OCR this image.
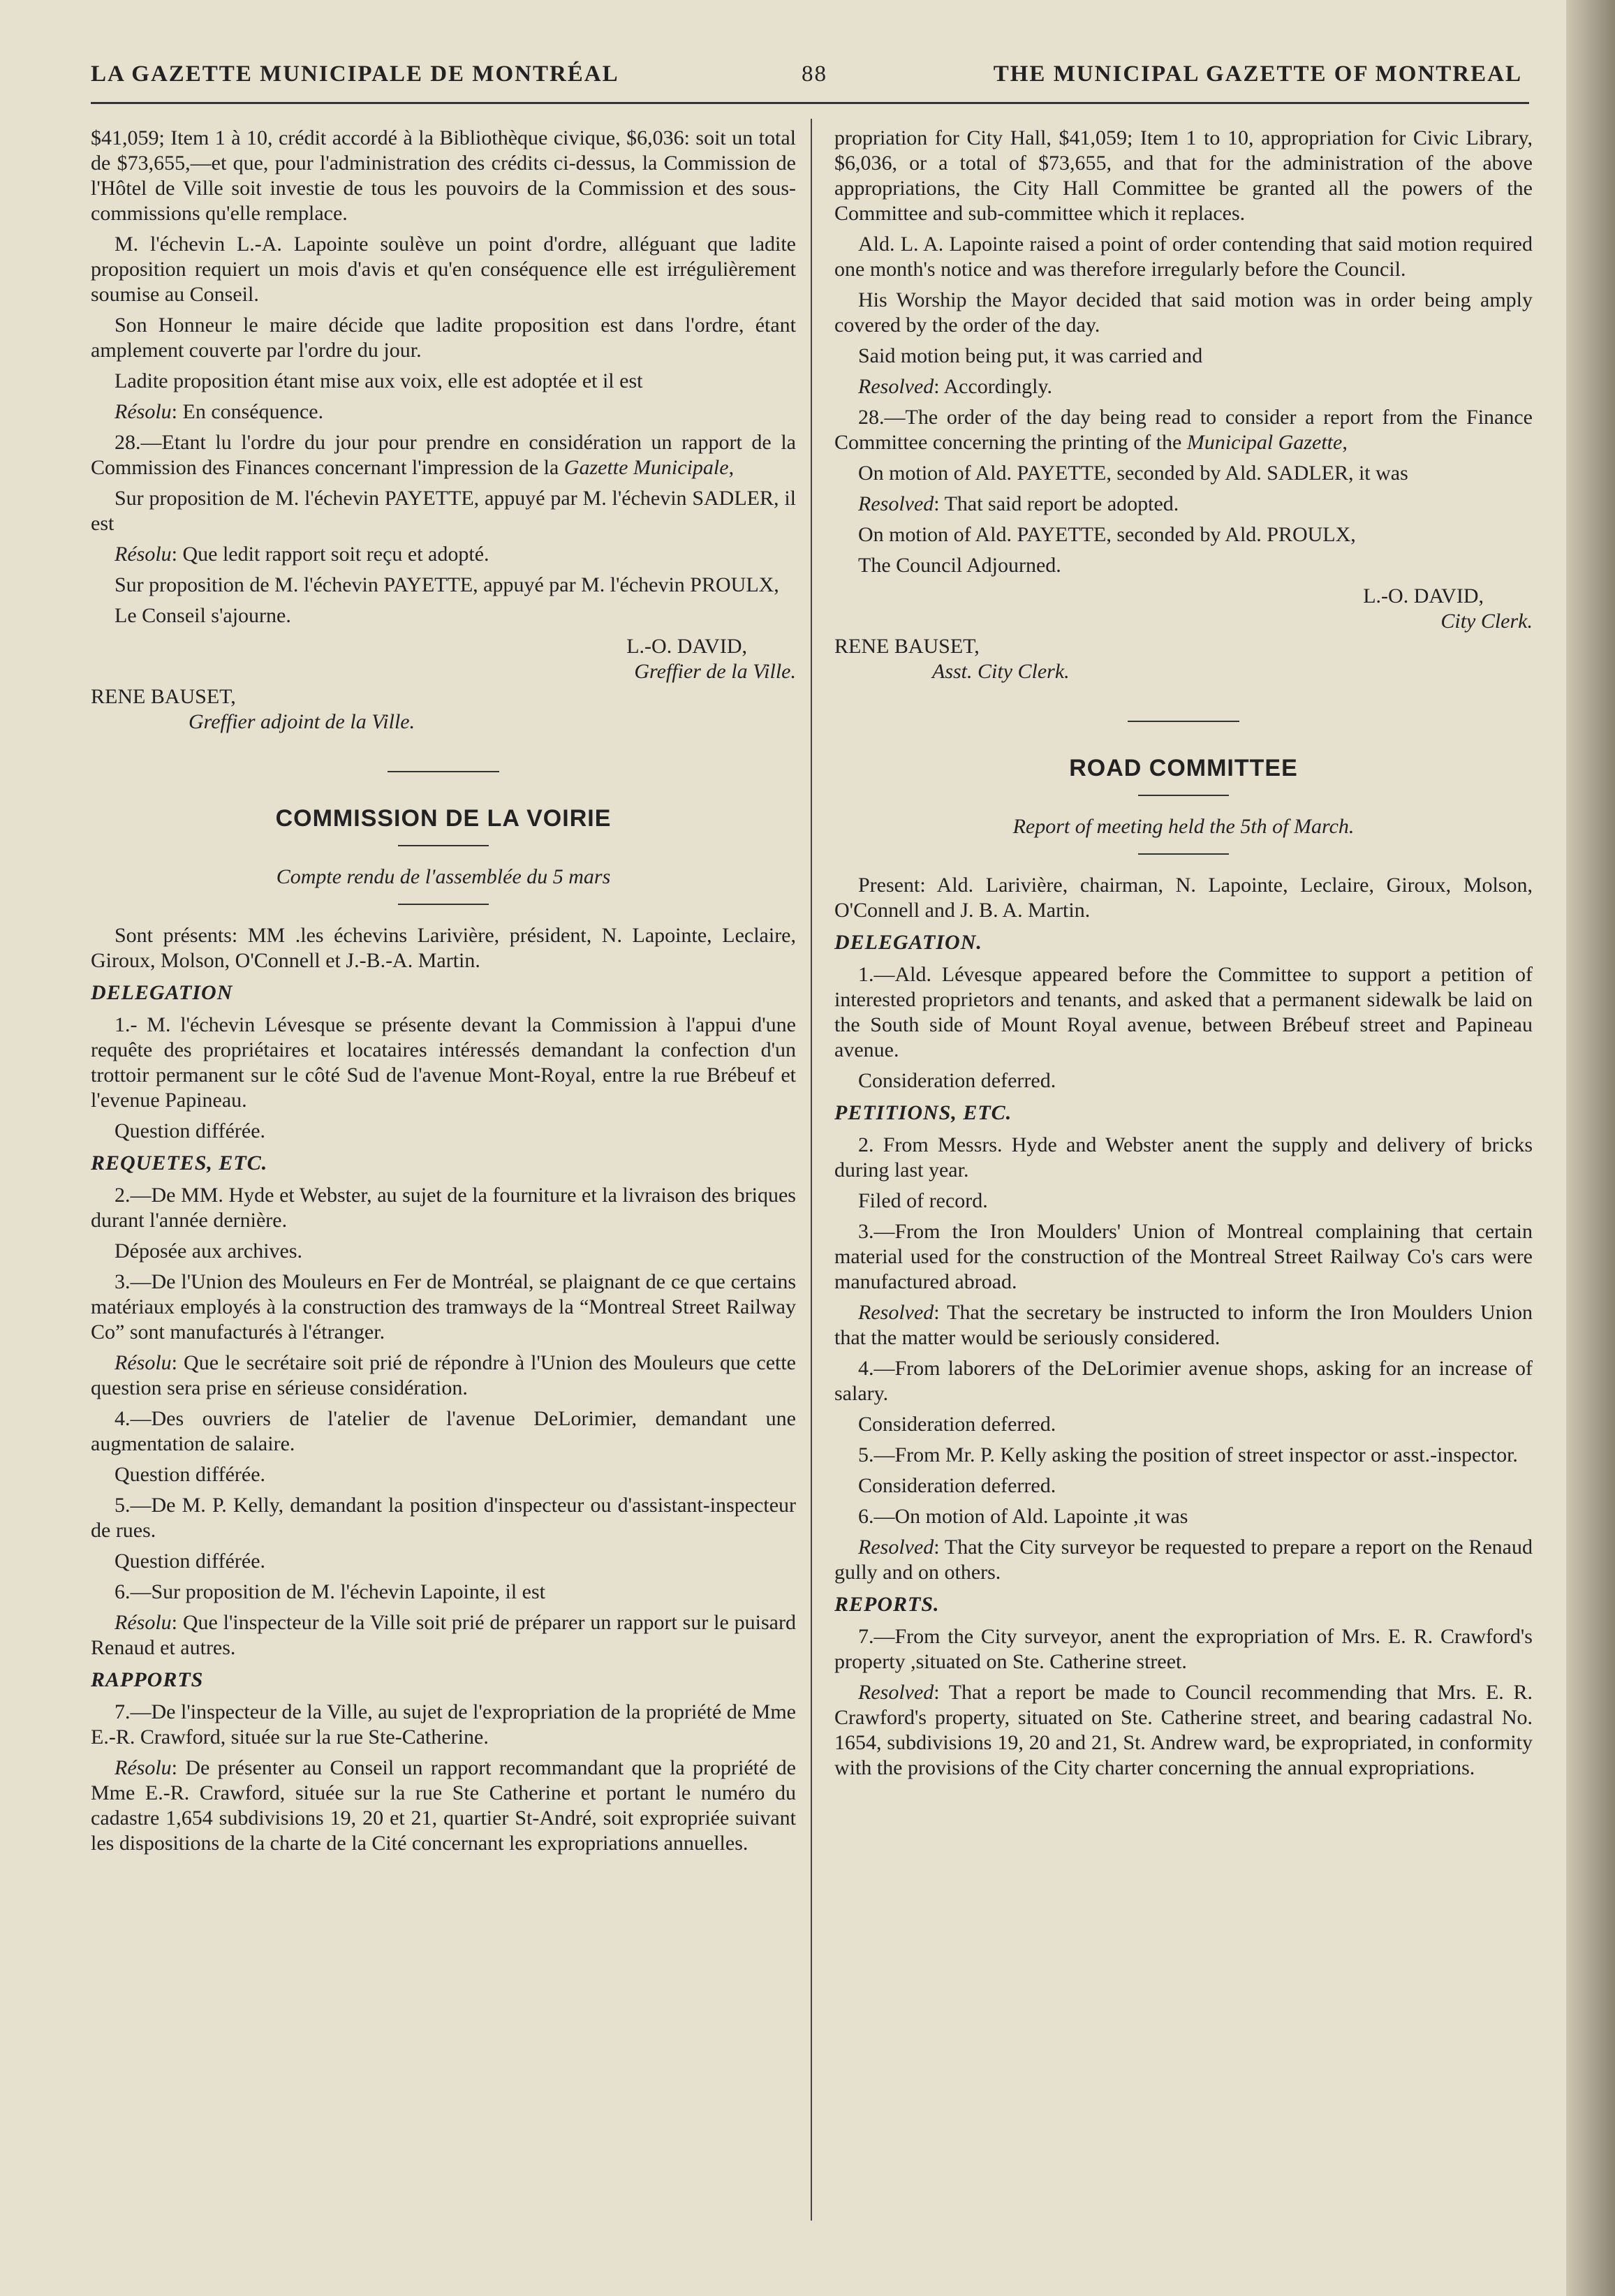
LA GAZETTE MUNICIPALE DE MONTRÉAL	88	THE MUNICIPAL GAZETTE OF MONTREAL

$41,059; Item 1 à 10, crédit accordé à la Bibliothèque civique, $6,036: soit un total de $73,655,—et que, pour l'administration des crédits ci-dessus, la Commission de l'Hôtel de Ville soit investie de tous les pouvoirs de la Commission et des sous-commissions qu'elle remplace.

M. l'échevin L.-A. Lapointe soulève un point d'ordre, alléguant que ladite proposition requiert un mois d'avis et qu'en conséquence elle est irrégulièrement soumise au Conseil.

Son Honneur le maire décide que ladite proposition est dans l'ordre, étant amplement couverte par l'ordre du jour.

Ladite proposition étant mise aux voix, elle est adoptée et il est

Résolu: En conséquence.

28.—Etant lu l'ordre du jour pour prendre en considération un rapport de la Commission des Finances concernant l'impression de la Gazette Municipale,

Sur proposition de M. l'échevin PAYETTE, appuyé par M. l'échevin SADLER, il est

Résolu: Que ledit rapport soit reçu et adopté.

Sur proposition de M. l'échevin PAYETTE, appuyé par M. l'échevin PROULX,

Le Conseil s'ajourne.

L.-O. DAVID,
Greffier de la Ville.
RENE BAUSET,
Greffier adjoint de la Ville.
COMMISSION DE LA VOIRIE
Compte rendu de l'assemblée du 5 mars

Sont présents: MM .les échevins Larivière, président, N. Lapointe, Leclaire, Giroux, Molson, O'Connell et J.-B.-A. Martin.

DELEGATION

1.- M. l'échevin Lévesque se présente devant la Commission à l'appui d'une requête des propriétaires et locataires intéressés demandant la confection d'un trottoir permanent sur le côté Sud de l'avenue Mont-Royal, entre la rue Brébeuf et l'evenue Papineau.

Question différée.

REQUETES, ETC.

2.—De MM. Hyde et Webster, au sujet de la fourniture et la livraison des briques durant l'année dernière.

Déposée aux archives.

3.—De l'Union des Mouleurs en Fer de Montréal, se plaignant de ce que certains matériaux employés à la construction des tramways de la “Montreal Street Railway Co” sont manufacturés à l'étranger.

Résolu: Que le secrétaire soit prié de répondre à l'Union des Mouleurs que cette question sera prise en sérieuse considération.

4.—Des ouvriers de l'atelier de l'avenue DeLorimier, demandant une augmentation de salaire.

Question différée.

5.—De M. P. Kelly, demandant la position d'inspecteur ou d'assistant-inspecteur de rues.

Question différée.

6.—Sur proposition de M. l'échevin Lapointe, il est

Résolu: Que l'inspecteur de la Ville soit prié de préparer un rapport sur le puisard Renaud et autres.

RAPPORTS

7.—De l'inspecteur de la Ville, au sujet de l'expropriation de la propriété de Mme E.-R. Crawford, située sur la rue Ste-Catherine.

Résolu: De présenter au Conseil un rapport recommandant que la propriété de Mme E.-R. Crawford, située sur la rue Ste Catherine et portant le numéro du cadastre 1,654 subdivisions 19, 20 et 21, quartier St-André, soit expropriée suivant les dispositions de la charte de la Cité concernant les expropriations annuelles.

propriation for City Hall, $41,059; Item 1 to 10, appropriation for Civic Library, $6,036, or a total of $73,655, and that for the administration of the above appropriations, the City Hall Committee be granted all the powers of the Committee and sub-committee which it replaces.

Ald. L. A. Lapointe raised a point of order contending that said motion required one month's notice and was therefore irregularly before the Council.

His Worship the Mayor decided that said motion was in order being amply covered by the order of the day.

Said motion being put, it was carried and

Resolved: Accordingly.

28.—The order of the day being read to consider a report from the Finance Committee concerning the printing of the Municipal Gazette,

On motion of Ald. PAYETTE, seconded by Ald. SADLER, it was

Resolved: That said report be adopted.

On motion of Ald. PAYETTE, seconded by Ald. PROULX,

The Council Adjourned.

L.-O. DAVID,
City Clerk.
RENE BAUSET,
Asst. City Clerk.
ROAD COMMITTEE
Report of meeting held the 5th of March.

Present: Ald. Larivière, chairman, N. Lapointe, Leclaire, Giroux, Molson, O'Connell and J. B. A. Martin.

DELEGATION.

1.—Ald. Lévesque appeared before the Committee to support a petition of interested proprietors and tenants, and asked that a permanent sidewalk be laid on the South side of Mount Royal avenue, between Brébeuf street and Papineau avenue.

Consideration deferred.

PETITIONS, ETC.

2. From Messrs. Hyde and Webster anent the supply and delivery of bricks during last year.

Filed of record.

3.—From the Iron Moulders' Union of Montreal complaining that certain material used for the construction of the Montreal Street Railway Co's cars were manufactured abroad.

Resolved: That the secretary be instructed to inform the Iron Moulders Union that the matter would be seriously considered.

4.—From laborers of the DeLorimier avenue shops, asking for an increase of salary.

Consideration deferred.

5.—From Mr. P. Kelly asking the position of street inspector or asst.-inspector.

Consideration deferred.

6.—On motion of Ald. Lapointe ,it was

Resolved: That the City surveyor be requested to prepare a report on the Renaud gully and on others.

REPORTS.

7.—From the City surveyor, anent the expropriation of Mrs. E. R. Crawford's property ,situated on Ste. Catherine street.

Resolved: That a report be made to Council recommending that Mrs. E. R. Crawford's property, situated on Ste. Catherine street, and bearing cadastral No. 1654, subdivisions 19, 20 and 21, St. Andrew ward, be expropriated, in conformity with the provisions of the City charter concerning the annual expropriations.
